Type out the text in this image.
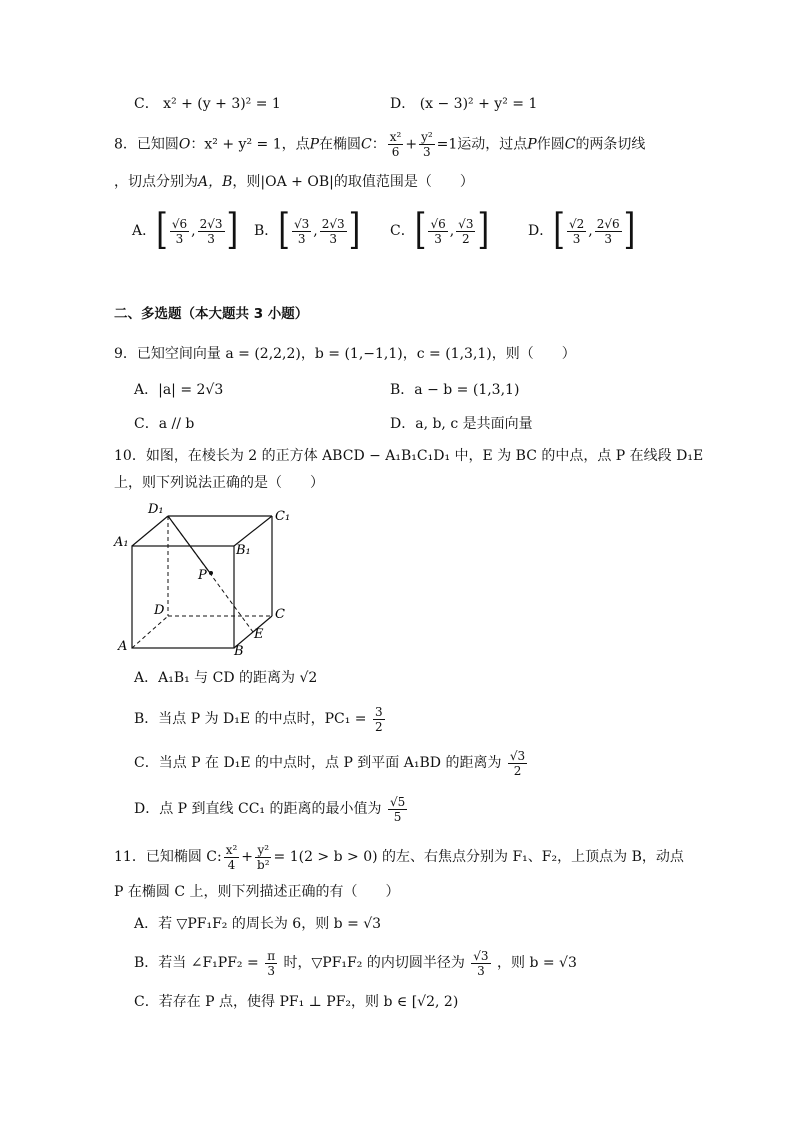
C． x² + (y + 3)² = 1	D． (x − 3)² + y² = 1
8．已知圆O：x² + y² = 1，点P在椭圆C： $\frac{\text{x²}}{6} + \frac{\text{y²}}{3} =1$运动，过点P作圆C的两条切线
，切点分别为A，B，则|OA + OB|的取值范围是（　　）
A．[ $\frac{√6}{3}$ , $\frac{2√3}{3}$ ] B．[ $\frac{√3}{3}$ , $\frac{2√3}{3}$ ] C．[ $\frac{√6}{3}$ , $\frac{√3}{2}$ ]	D．[ $\frac{√2}{3}$ , $\frac{2√6}{3}$ ]
二、多选题（本大题共 3 小题）
9．已知空间向量 a = (2,2,2)，b = (1,−1,1)，c = (1,3,1)，则（　　）
A．|a| = 2√3	B．a − b = (1,3,1)
C．a // b	D．a, b, c 是共面向量
10．如图，在棱长为 2 的正方体 ABCD − A₁B₁C₁D₁ 中，E 为 BC 的中点，点 P 在线段 D₁E
上，则下列说法正确的是（　　）
D₁	C₁
A₁
B₁
P
D	C
A	B
E
A．A₁B₁ 与 CD 的距离为 √2
B．当点 P 为 D₁E 的中点时，$PC_1 = \frac{3}{2}$
C．当点 P 在 D₁E 的中点时，点 P 到平面 A₁BD 的距离为 $\frac{√3}{2}$
D．点 P 到直线 CC₁ 的距离的最小值为 $\frac{√5}{5}$
11．已知椭圆 C: $\frac{\text{x²}}{4} + \frac{\text{y²}}{\text{b²}} = 1(2 > b > 0)$ 的左、右焦点分别为 F₁、F₂，上顶点为 B，动点
P 在椭圆 C 上，则下列描述正确的有（　　）
A．若 ▽PF₁F₂ 的周长为 6，则 b = √3
B．若当 ∠F₁PF₂ = $\frac{\pi}{3}$ 时，▽PF₁F₂ 的内切圆半径为 $\frac{√3}{3}$ ，则 b = √3
C．若存在 P 点，使得 PF₁ ⊥ PF₂，则 b ∈ [√2, 2)
